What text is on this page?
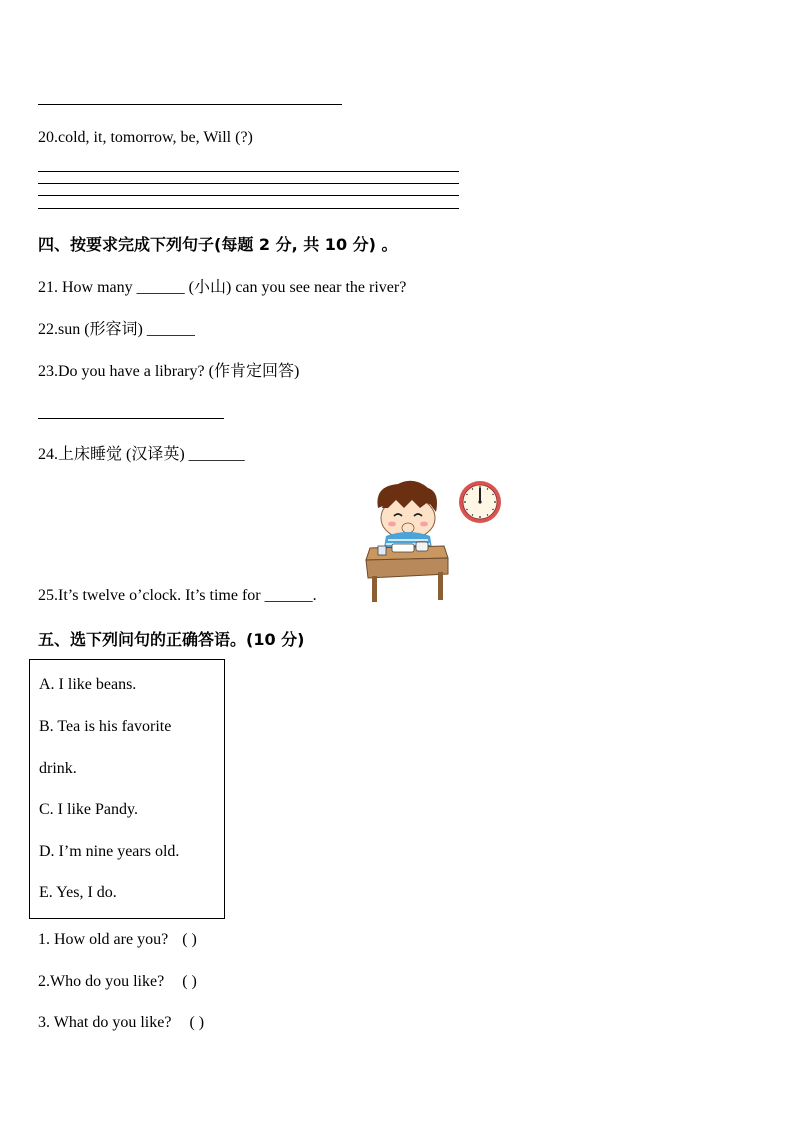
20.cold, it, tomorrow, be, Will (?)
四、按要求完成下列句子(每题 2 分, 共 10 分) 。
21. How many ______ (小山) can you see near the river?
22.sun (形容词) ______
23.Do you have a library? (作肯定回答)
24.上床睡觉 (汉译英) _______
25.It’s twelve o’clock. It’s time for ______.
五、选下列问句的正确答语。(10 分)
A. I like beans.
B. Tea is his favorite
drink.
C. I like Pandy.
D. I’m nine years old.
E. Yes, I do.
1. How old are you? ( )
2.Who do you like? ( )
3. What do you like? ( )
